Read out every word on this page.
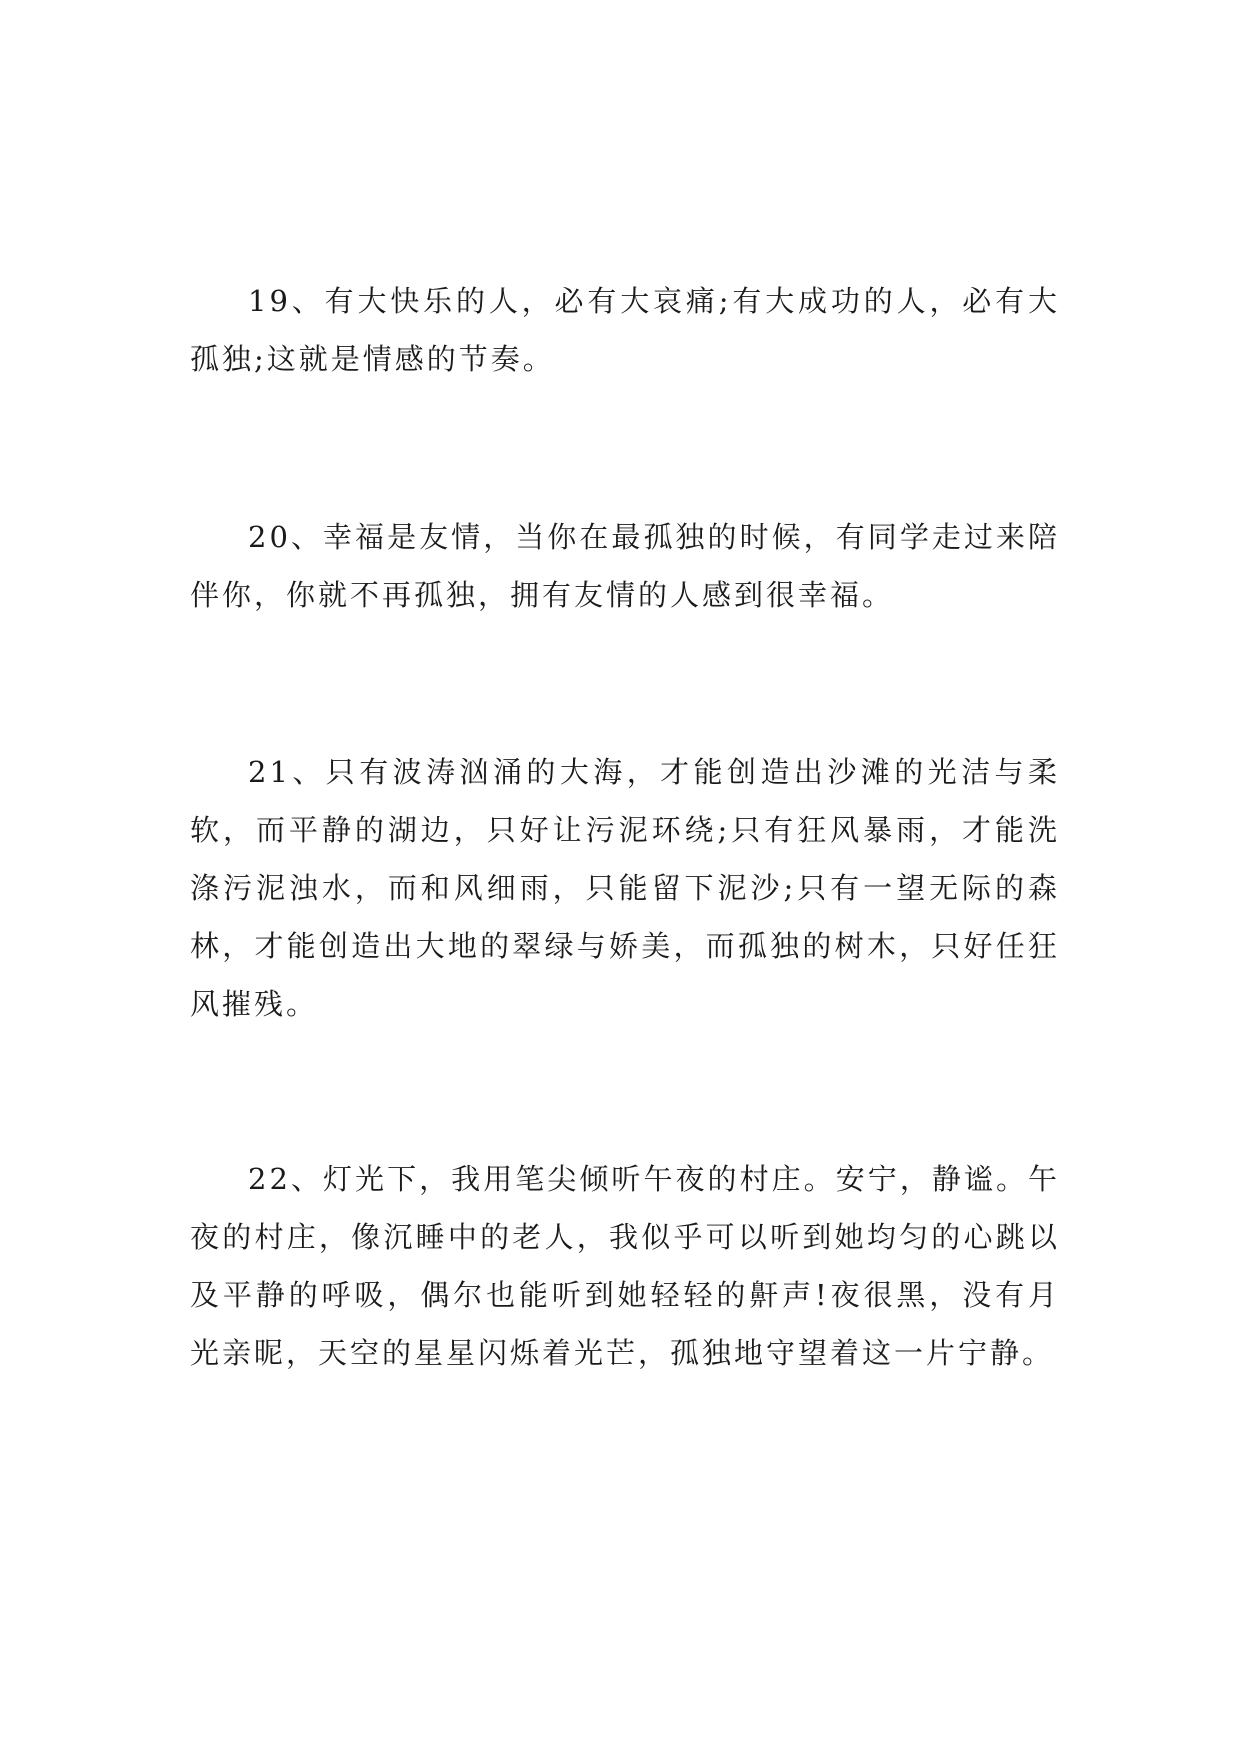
19、有大快乐的人，必有大哀痛;有大成功的人，必有大孤独;这就是情感的节奏。

20、幸福是友情，当你在最孤独的时候，有同学走过来陪伴你，你就不再孤独，拥有友情的人感到很幸福。

21、只有波涛汹涌的大海，才能创造出沙滩的光洁与柔软，而平静的湖边，只好让污泥环绕;只有狂风暴雨，才能洗涤污泥浊水，而和风细雨，只能留下泥沙;只有一望无际的森林，才能创造出大地的翠绿与娇美，而孤独的树木，只好任狂风摧残。

22、灯光下，我用笔尖倾听午夜的村庄。安宁，静谧。午夜的村庄，像沉睡中的老人，我似乎可以听到她均匀的心跳以及平静的呼吸，偶尔也能听到她轻轻的鼾声!夜很黑，没有月光亲昵，天空的星星闪烁着光芒，孤独地守望着这一片宁静。
